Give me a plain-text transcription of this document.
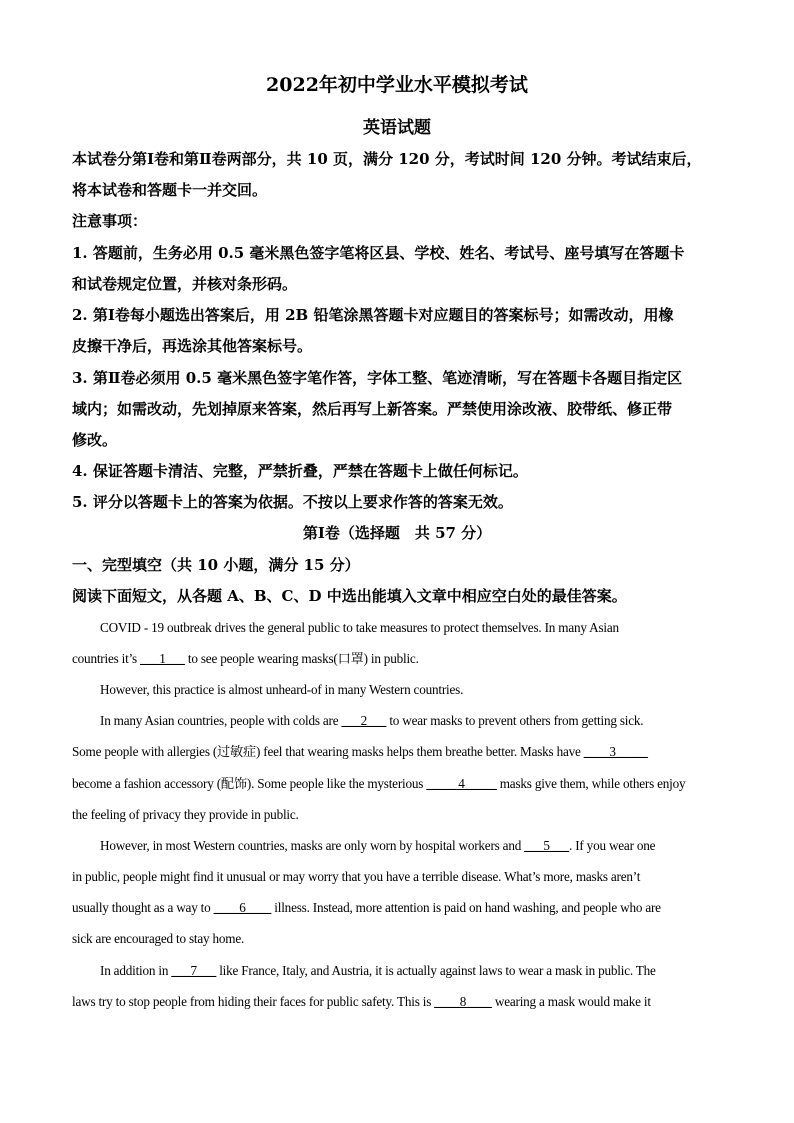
2022年初中学业水平模拟考试
英语试题
本试卷分第Ⅰ卷和第Ⅱ卷两部分，共 10 页，满分 120 分，考试时间 120 分钟。考试结束后，
将本试卷和答题卡一并交回。
注意事项：
1. 答题前，生务必用 0.5 毫米黑色签字笔将区县、学校、姓名、考试号、座号填写在答题卡
和试卷规定位置，并核对条形码。
2. 第Ⅰ卷每小题选出答案后，用 2B 铅笔涂黑答题卡对应题目的答案标号；如需改动，用橡
皮擦干净后，再选涂其他答案标号。
3. 第Ⅱ卷必须用 0.5 毫米黑色签字笔作答，字体工整、笔迹清晰，写在答题卡各题目指定区
域内；如需改动，先划掉原来答案，然后再写上新答案。严禁使用涂改液、胶带纸、修正带
修改。
4. 保证答题卡清洁、完整，严禁折叠，严禁在答题卡上做任何标记。
5. 评分以答题卡上的答案为依据。不按以上要求作答的答案无效。
第Ⅰ卷（选择题　共 57 分）
一、完型填空（共 10 小题，满分 15 分）
阅读下面短文，从各题 A、B、C、D 中选出能填入文章中相应空白处的最佳答案。
COVID - 19 outbreak drives the general public to take measures to protect themselves. In many Asian
countries it’s ___1___ to see people wearing masks(口罩) in public.
However, this practice is almost unheard-of in many Western countries.
In many Asian countries, people with colds are ___2___ to wear masks to prevent others from getting sick.
Some people with allergies (过敏症) feel that wearing masks helps them breathe better. Masks have ____3_____
become a fashion accessory (配饰). Some people like the mysterious _____4_____ masks give them, while others enjoy
the feeling of privacy they provide in public.
However, in most Western countries, masks are only worn by hospital workers and ___5___. If you wear one
in public, people might find it unusual or may worry that you have a terrible disease. What’s more, masks aren’t
usually thought as a way to ____6____ illness. Instead, more attention is paid on hand washing, and people who are
sick are encouraged to stay home.
In addition in ___7___ like France, Italy, and Austria, it is actually against laws to wear a mask in public. The
laws try to stop people from hiding their faces for public safety. This is ____8____ wearing a mask would make it
